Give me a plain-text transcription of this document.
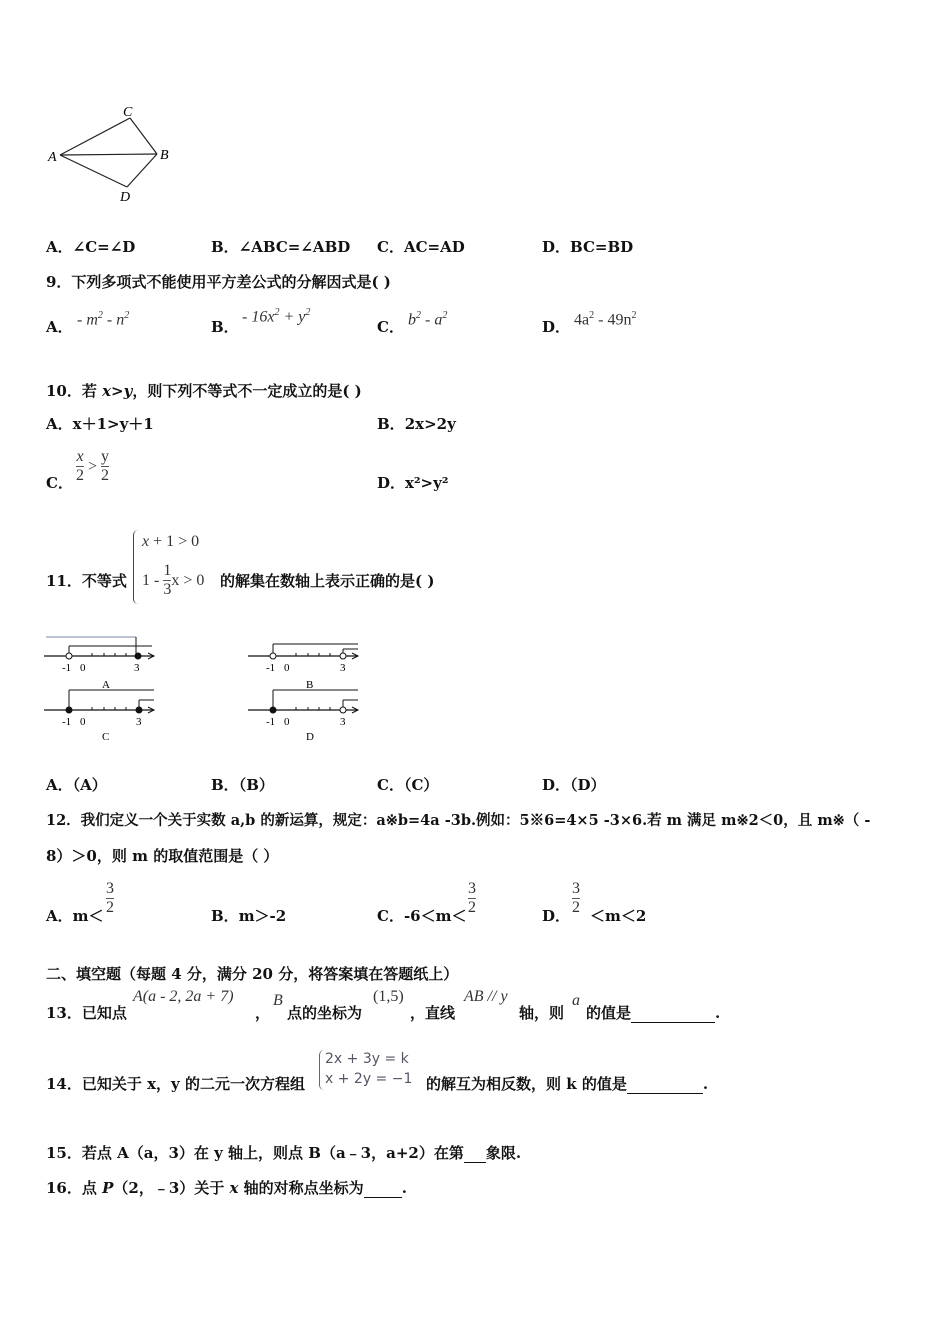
A	B
C
D
A．∠C=∠D	B．∠ABC=∠ABD C．AC=AD	D．BC=BD
9．下列多项式不能使用平方差公式的分解因式是( )
A． - $m^2 - n^2$
B．
- $16x^2 + y^2$
C． $b^2 - a^2$
D． $4a^2 - 49n^2$
10．若 x>y，则下列不等式不一定成立的是( )
A．x＋1>y＋1	B．2x>2y
C． $\frac{x}{2} > \frac{y}{2}$	D．x²>y²
11．不等式
x + 1 > 0
$1 - \frac{1}{3}$ x > 0 的解集在数轴上表示正确的是( )
-1 0	3
A
-1 0	3
B
-1 0	3
C
-1 0	3
D
A．（A）	B．（B）	C．（C）	D．（D）
12．我们定义一个关于实数 a,b 的新运算，规定：a※b=4a -3b.例如：5※6=4×5 -3×6.若 m 满足 m※2＜0，且 m※（ -
8）＞0，则 m 的取值范围是（ ）
A．$m< \frac{3}{2}$	B．m＞-2	C．$-6<m< \frac{3}{2}$	D． $\frac{3}{2} <m<2$
二、填空题（每题 4 分，满分 20 分，将答案填在答题纸上）
13．已知点
A(a - 2, 2a + 7)
，
B
点的坐标为
(1,5)
，直线
AB // y
轴，则
a
的值是	.
14．已知关于 x，y 的二元一次方程组
2x + 3y = k
x + 2y = −1 的解互为相反数，则 k 的值是	.
15．若点 A（a，3）在 y 轴上，则点 B（a﹣3，a+2）在第 象限.
16．点 P（2，﹣3）关于 x 轴的对称点坐标为	.
